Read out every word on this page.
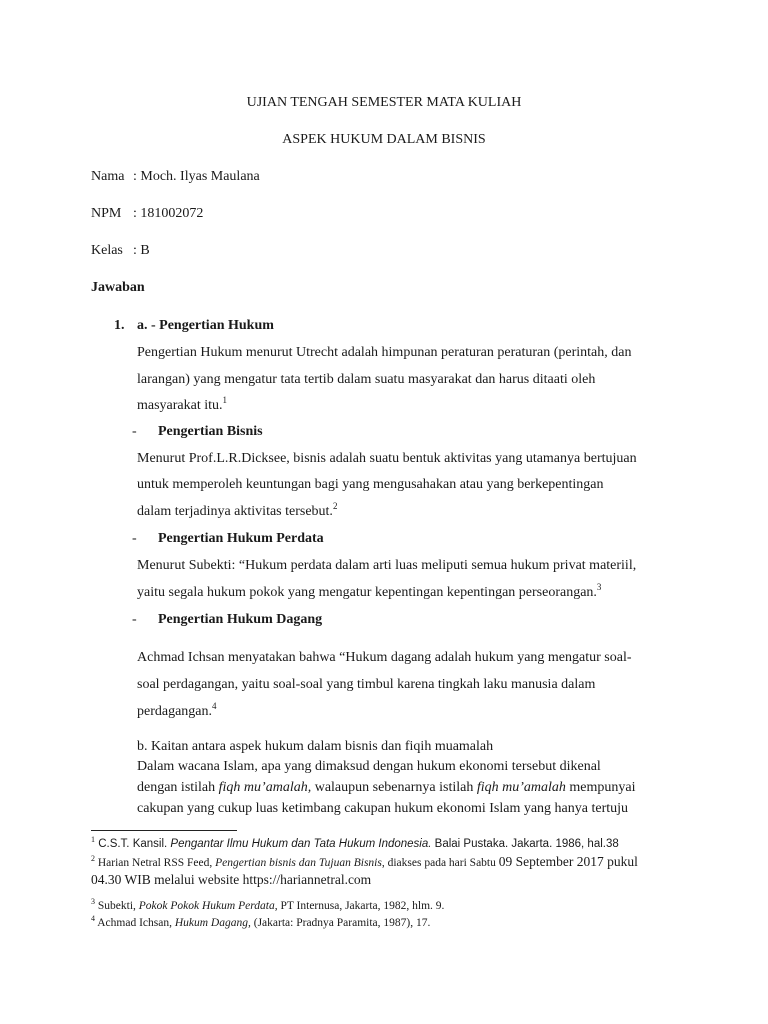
UJIAN TENGAH SEMESTER MATA KULIAH
ASPEK HUKUM DALAM BISNIS
Nama : Moch. Ilyas Maulana
NPM : 181002072
Kelas : B
Jawaban
1. a. - Pengertian Hukum
Pengertian Hukum menurut Utrecht adalah himpunan peraturan peraturan (perintah, dan
larangan) yang mengatur tata tertib dalam suatu masyarakat dan harus ditaati oleh
masyarakat itu.$^1$
- Pengertian Bisnis
Menurut Prof.L.R.Dicksee, bisnis adalah suatu bentuk aktivitas yang utamanya bertujuan
untuk memperoleh keuntungan bagi yang mengusahakan atau yang berkepentingan
dalam terjadinya aktivitas tersebut.$^2$
- Pengertian Hukum Perdata
Menurut Subekti: “Hukum perdata dalam arti luas meliputi semua hukum privat materiil,
yaitu segala hukum pokok yang mengatur kepentingan kepentingan perseorangan.$^3$
- Pengertian Hukum Dagang
Achmad Ichsan menyatakan bahwa “Hukum dagang adalah hukum yang mengatur soal-
soal perdagangan, yaitu soal-soal yang timbul karena tingkah laku manusia dalam
perdagangan.$^4$
b. Kaitan antara aspek hukum dalam bisnis dan fiqih muamalah
Dalam wacana Islam, apa yang dimaksud dengan hukum ekonomi tersebut dikenal
dengan istilah fiqh mu’amalah, walaupun sebenarnya istilah fiqh mu’amalah mempunyai
cakupan yang cukup luas ketimbang cakupan hukum ekonomi Islam yang hanya tertuju
$^1$ C.S.T. Kansil. Pengantar Ilmu Hukum dan Tata Hukum Indonesia. Balai Pustaka. Jakarta. 1986, hal.38
$^2$ Harian Netral RSS Feed, Pengertian bisnis dan Tujuan Bisnis, diakses pada hari Sabtu 09 September 2017 pukul
04.30 WIB melalui website https://hariannetral.com
$^3$ Subekti, Pokok Pokok Hukum Perdata, PT Internusa, Jakarta, 1982, hlm. 9.
$^4$ Achmad Ichsan, Hukum Dagang, (Jakarta: Pradnya Paramita, 1987), 17.
